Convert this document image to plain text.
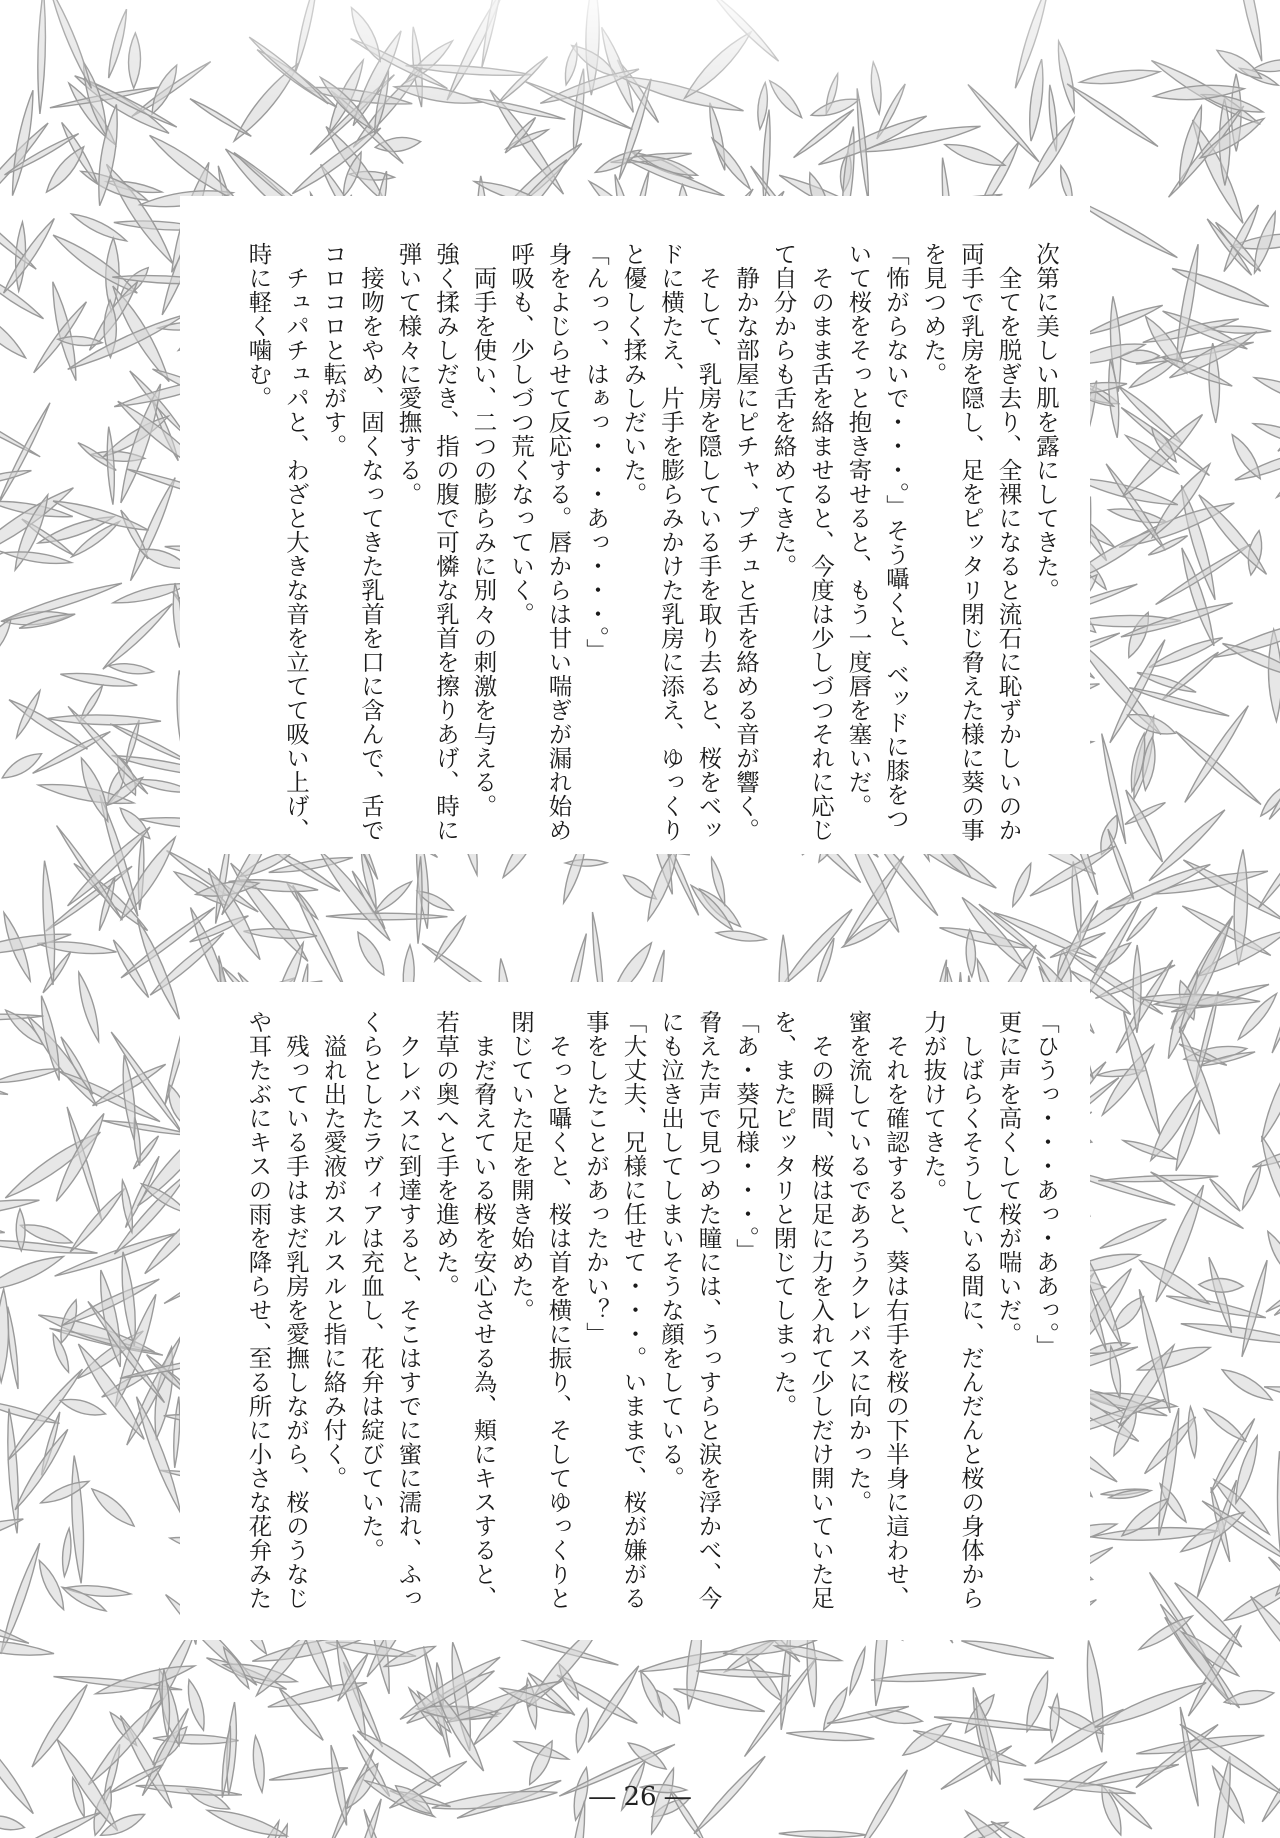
次第に美しい肌を露にしてきた。

　全てを脱ぎ去り、全裸になると流石に恥ずかしいのか

両手で乳房を隠し、足をピッタリ閉じ脅えた様に葵の事

を見つめた。

「怖がらないで・・・。」そう囁くと、ベッドに膝をつ

いて桜をそっと抱き寄せると、もう一度唇を塞いだ。

　そのまま舌を絡ませると、今度は少しづつそれに応じ

て自分からも舌を絡めてきた。

　静かな部屋にピチャ、プチュと舌を絡める音が響く。

　そして、乳房を隠している手を取り去ると、桜をベッ

ドに横たえ、片手を膨らみかけた乳房に添え、ゆっくり

と優しく揉みしだいた。

「んっっ、はぁっ・・・あっ・・・。」

身をよじらせて反応する。唇からは甘い喘ぎが漏れ始め

呼吸も、少しづつ荒くなっていく。

　両手を使い、二つの膨らみに別々の刺激を与える。

強く揉みしだき、指の腹で可憐な乳首を擦りあげ、時に

弾いて様々に愛撫する。

　接吻をやめ、固くなってきた乳首を口に含んで、舌で

コロコロと転がす。

　チュパチュパと、わざと大きな音を立てて吸い上げ、

時に軽く噛む。

「ひうっ・・・あっ・ああっ。」

更に声を高くして桜が喘いだ。

　しばらくそうしている間に、だんだんと桜の身体から

力が抜けてきた。

　それを確認すると、葵は右手を桜の下半身に這わせ、

蜜を流しているであろうクレバスに向かった。

　その瞬間、桜は足に力を入れて少しだけ開いていた足

を、またピッタリと閉じてしまった。

「あ・葵兄様・・・。」

脅えた声で見つめた瞳には、うっすらと涙を浮かべ、今

にも泣き出してしまいそうな顔をしている。

「大丈夫、兄様に任せて・・・。いままで、桜が嫌がる

事をしたことがあったかい？」

　そっと囁くと、桜は首を横に振り、そしてゆっくりと

閉じていた足を開き始めた。

　まだ脅えている桜を安心させる為、頬にキスすると、

若草の奥へと手を進めた。

　クレバスに到達すると、そこはすでに蜜に濡れ、ふっ

くらとしたラヴィアは充血し、花弁は綻びていた。

　溢れ出た愛液がスルスルと指に絡み付く。

　残っている手はまだ乳房を愛撫しながら、桜のうなじ

や耳たぶにキスの雨を降らせ、至る所に小さな花弁みた

― 26 ―
